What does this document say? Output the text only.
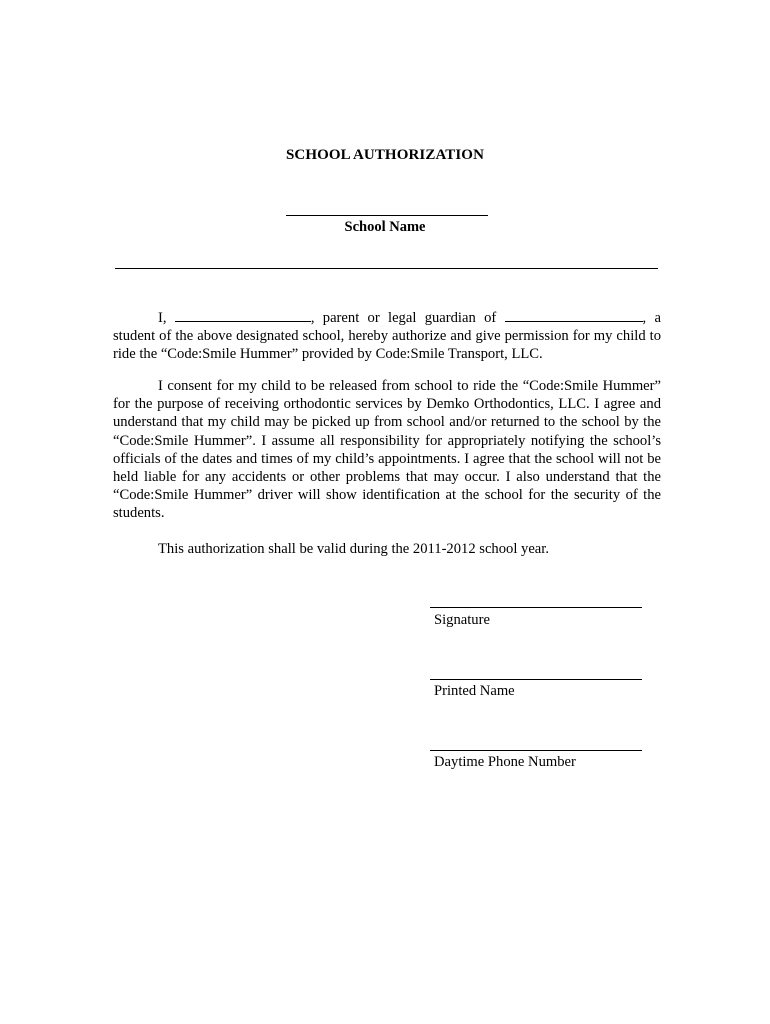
SCHOOL AUTHORIZATION
School Name
I,	, parent or legal guardian of	, a student of the above designated school, hereby authorize and give permission for my child to ride the “Code:Smile Hummer” provided by Code:Smile Transport, LLC.
I consent for my child to be released from school to ride the “Code:Smile Hummer” for the purpose of receiving orthodontic services by Demko Orthodontics, LLC. I agree and understand that my child may be picked up from school and/or returned to the school by the “Code:Smile Hummer”. I assume all responsibility for appropriately notifying the school’s officials of the dates and times of my child’s appointments. I agree that the school will not be held liable for any accidents or other problems that may occur. I also understand that the “Code:Smile Hummer” driver will show identification at the school for the security of the students.
This authorization shall be valid during the 2011-2012 school year.
Signature
Printed Name
Daytime Phone Number
